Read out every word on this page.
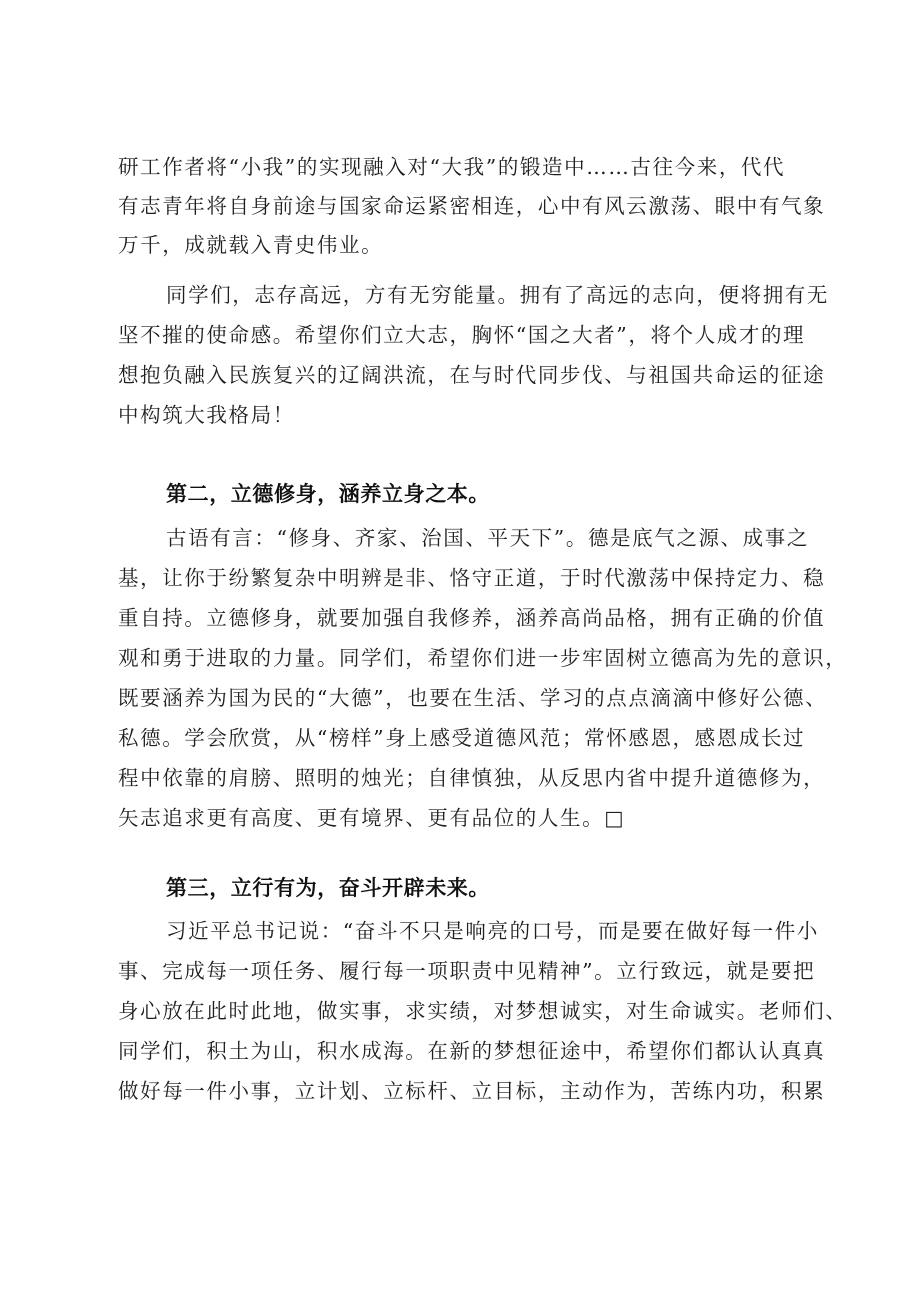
研工作者将“小我”的实现融入对“大我”的锻造中……古往今来，代代
有志青年将自身前途与国家命运紧密相连，心中有风云激荡、眼中有气象
万千，成就载入青史伟业。
同学们，志存高远，方有无穷能量。拥有了高远的志向，便将拥有无
坚不摧的使命感。希望你们立大志，胸怀“国之大者”，将个人成才的理
想抱负融入民族复兴的辽阔洪流，在与时代同步伐、与祖国共命运的征途
中构筑大我格局！
第二，立德修身，涵养立身之本。
古语有言：“修身、齐家、治国、平天下”。德是底气之源、成事之
基，让你于纷繁复杂中明辨是非、恪守正道，于时代激荡中保持定力、稳
重自持。立德修身，就要加强自我修养，涵养高尚品格，拥有正确的价值
观和勇于进取的力量。同学们，希望你们进一步牢固树立德高为先的意识，
既要涵养为国为民的“大德”，也要在生活、学习的点点滴滴中修好公德、
私德。学会欣赏，从“榜样”身上感受道德风范；常怀感恩，感恩成长过
程中依靠的肩膀、照明的烛光；自律慎独，从反思内省中提升道德修为，
矢志追求更有高度、更有境界、更有品位的人生。□
第三，立行有为，奋斗开辟未来。
习近平总书记说：“奋斗不只是响亮的口号，而是要在做好每一件小
事、完成每一项任务、履行每一项职责中见精神”。立行致远，就是要把
身心放在此时此地，做实事，求实绩，对梦想诚实，对生命诚实。老师们、
同学们，积土为山，积水成海。在新的梦想征途中，希望你们都认认真真
做好每一件小事，立计划、立标杆、立目标，主动作为，苦练内功，积累
